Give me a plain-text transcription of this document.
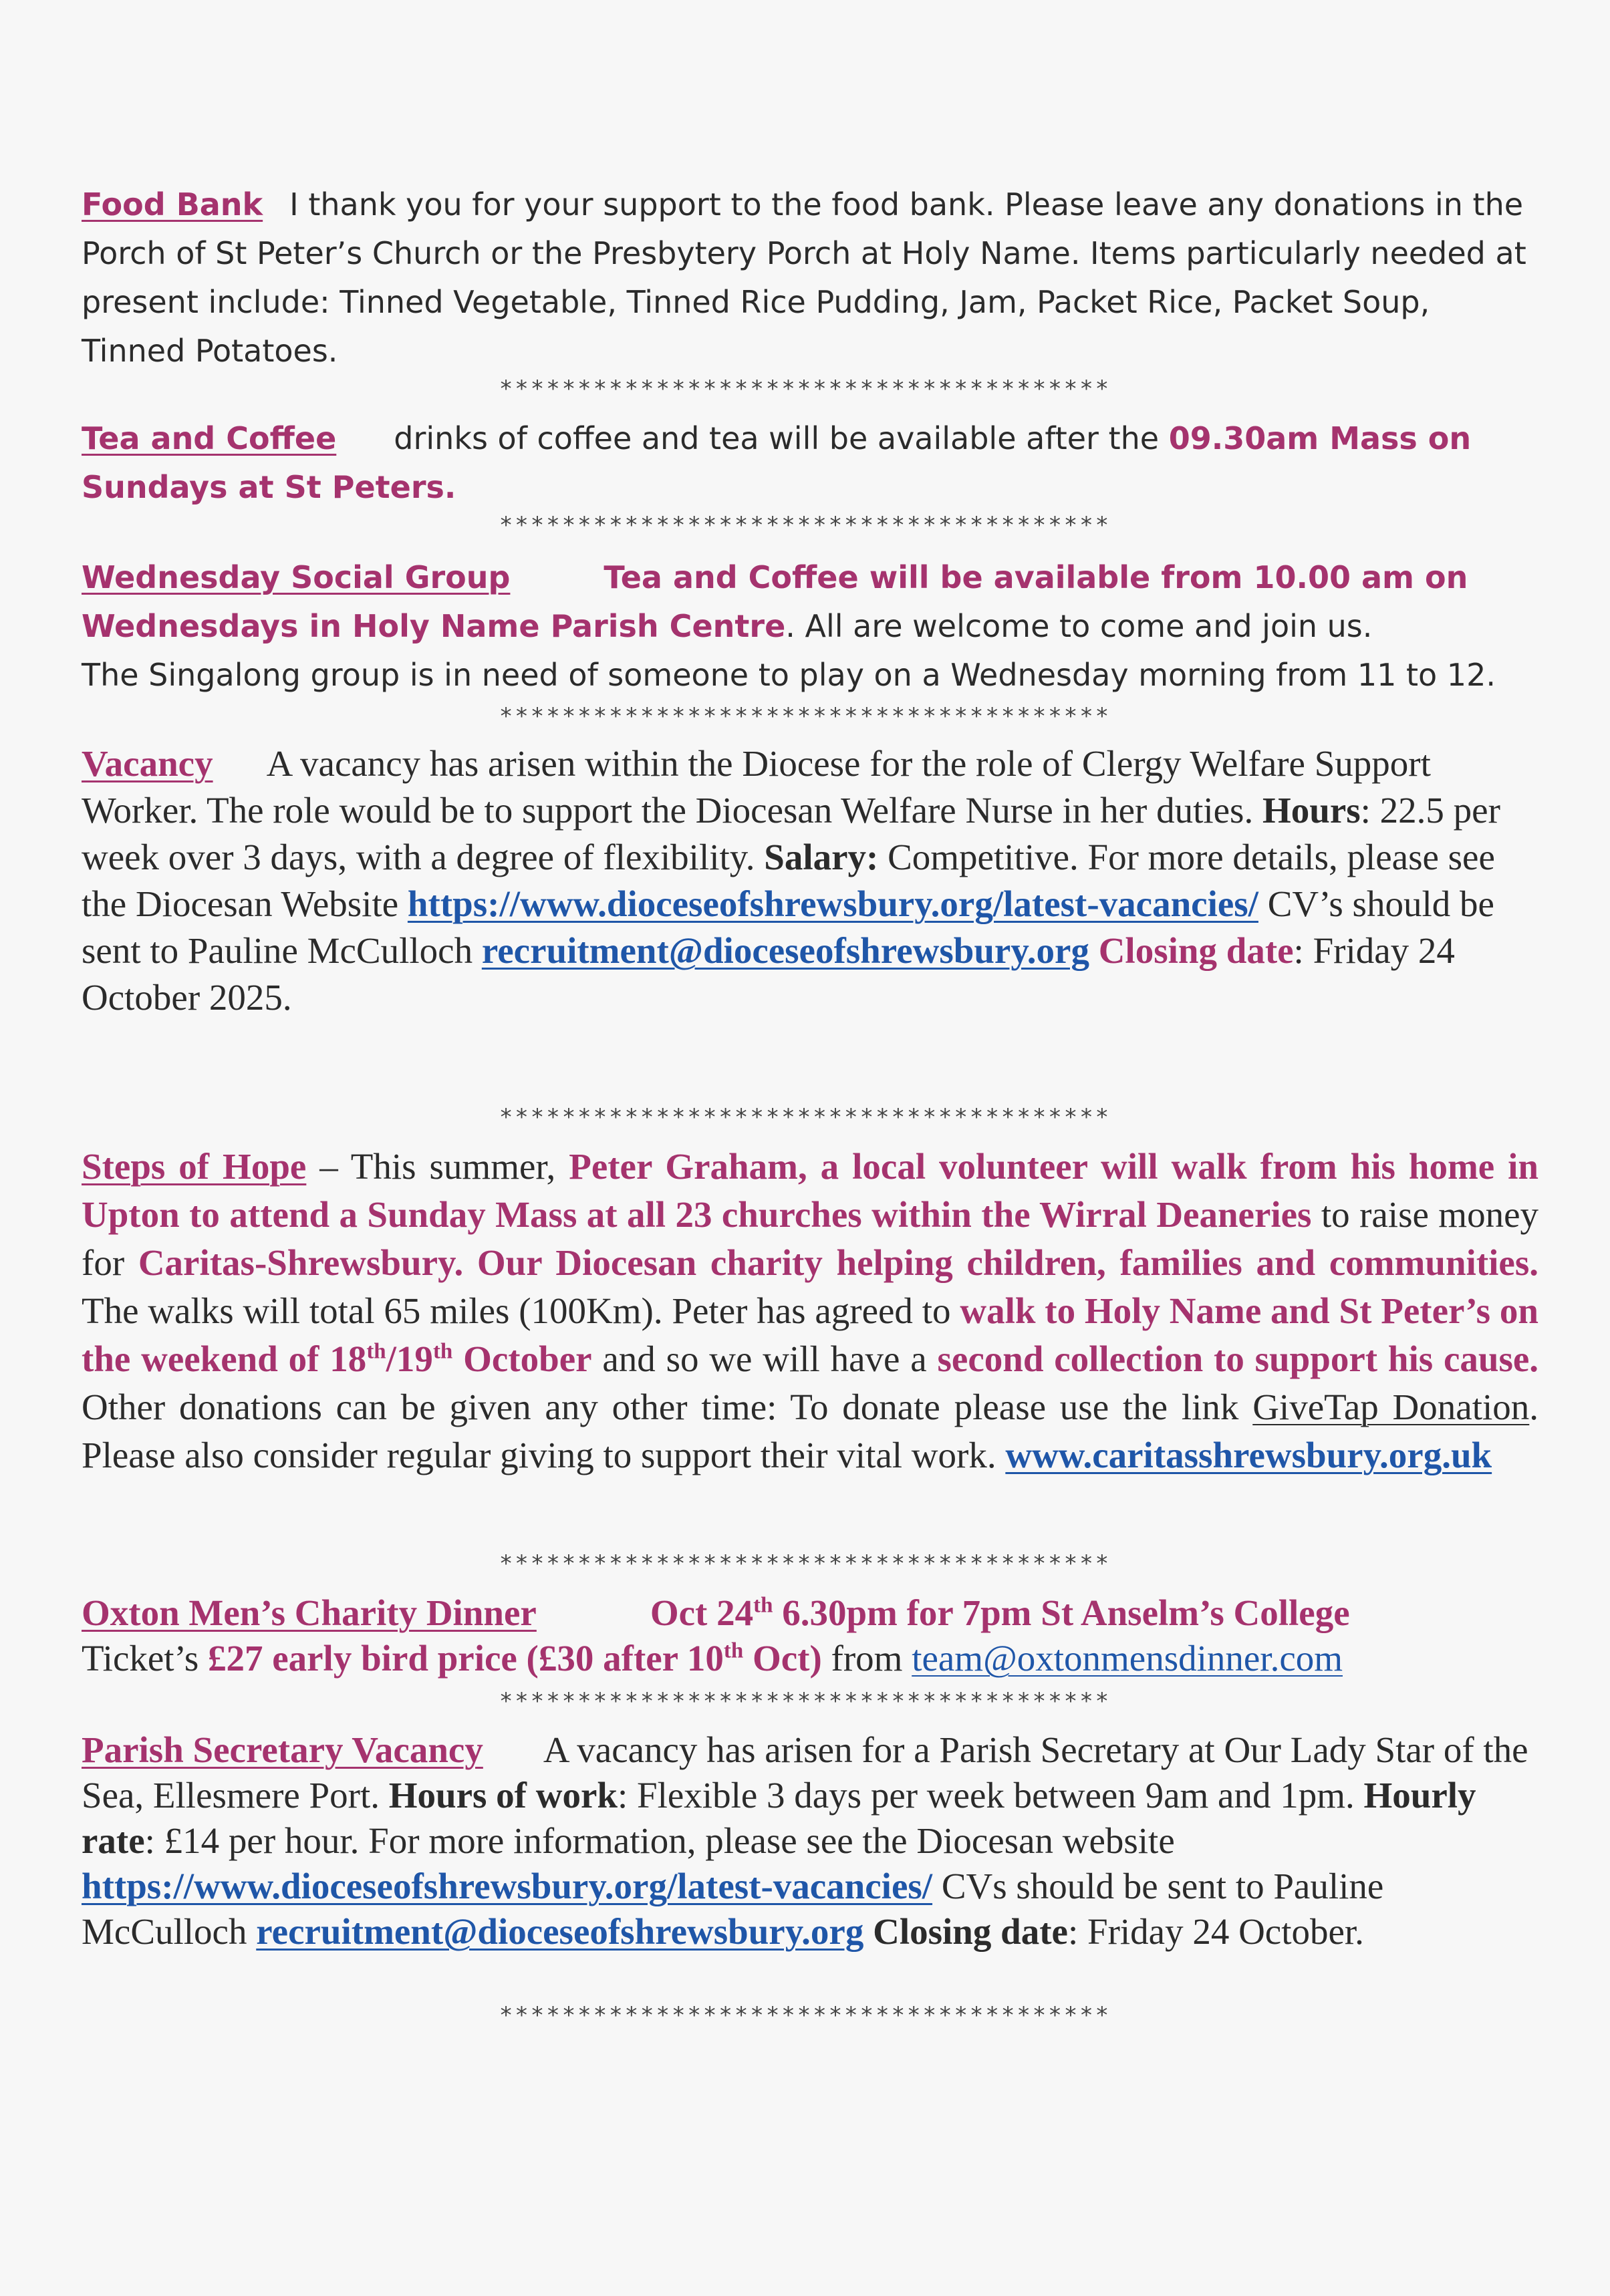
Food Bank I thank you for your support to the food bank. Please leave any donations in the Porch of St Peter’s Church or the Presbytery Porch at Holy Name. Items particularly needed at present include: Tinned Vegetable, Tinned Rice Pudding, Jam, Packet Rice, Packet Soup, Tinned Potatoes.

***************************************

Tea and Coffee drinks of coffee and tea will be available after the 09.30am Mass on Sundays at St Peters.

***************************************

Wednesday Social Group	Tea and Coffee will be available from 10.00 am on Wednesdays in Holy Name Parish Centre. All are welcome to come and join us.
The Singalong group is in need of someone to play on a Wednesday morning from 11 to 12.

***************************************

Vacancy A vacancy has arisen within the Diocese for the role of Clergy Welfare Support Worker. The role would be to support the Diocesan Welfare Nurse in her duties. Hours: 22.5 per week over 3 days, with a degree of flexibility. Salary: Competitive. For more details, please see the Diocesan Website https://www.dioceseofshrewsbury.org/latest-vacancies/ CV’s should be sent to Pauline McCulloch recruitment@dioceseofshrewsbury.org Closing date: Friday 24 October 2025.

***************************************

Steps of Hope – This summer, Peter Graham, a local volunteer will walk from his home in Upton to attend a Sunday Mass at all 23 churches within the Wirral Deaneries to raise money for Caritas-Shrewsbury. Our Diocesan charity helping children, families and communities. The walks will total 65 miles (100Km). Peter has agreed to walk to Holy Name and St Peter’s on the weekend of 18th/19th October and so we will have a second collection to support his cause. Other donations can be given any other time: To donate please use the link GiveTap Donation. Please also consider regular giving to support their vital work. www.caritasshrewsbury.org.uk

***************************************

Oxton Men’s Charity Dinner	Oct 24th 6.30pm for 7pm St Anselm’s College
Ticket’s £27 early bird price (£30 after 10th Oct) from team@oxtonmensdinner.com

***************************************

Parish Secretary Vacancy A vacancy has arisen for a Parish Secretary at Our Lady Star of the Sea, Ellesmere Port. Hours of work: Flexible 3 days per week between 9am and 1pm. Hourly rate: £14 per hour. For more information, please see the Diocesan website https://www.dioceseofshrewsbury.org/latest-vacancies/ CVs should be sent to Pauline McCulloch recruitment@dioceseofshrewsbury.org Closing date: Friday 24 October.

***************************************
